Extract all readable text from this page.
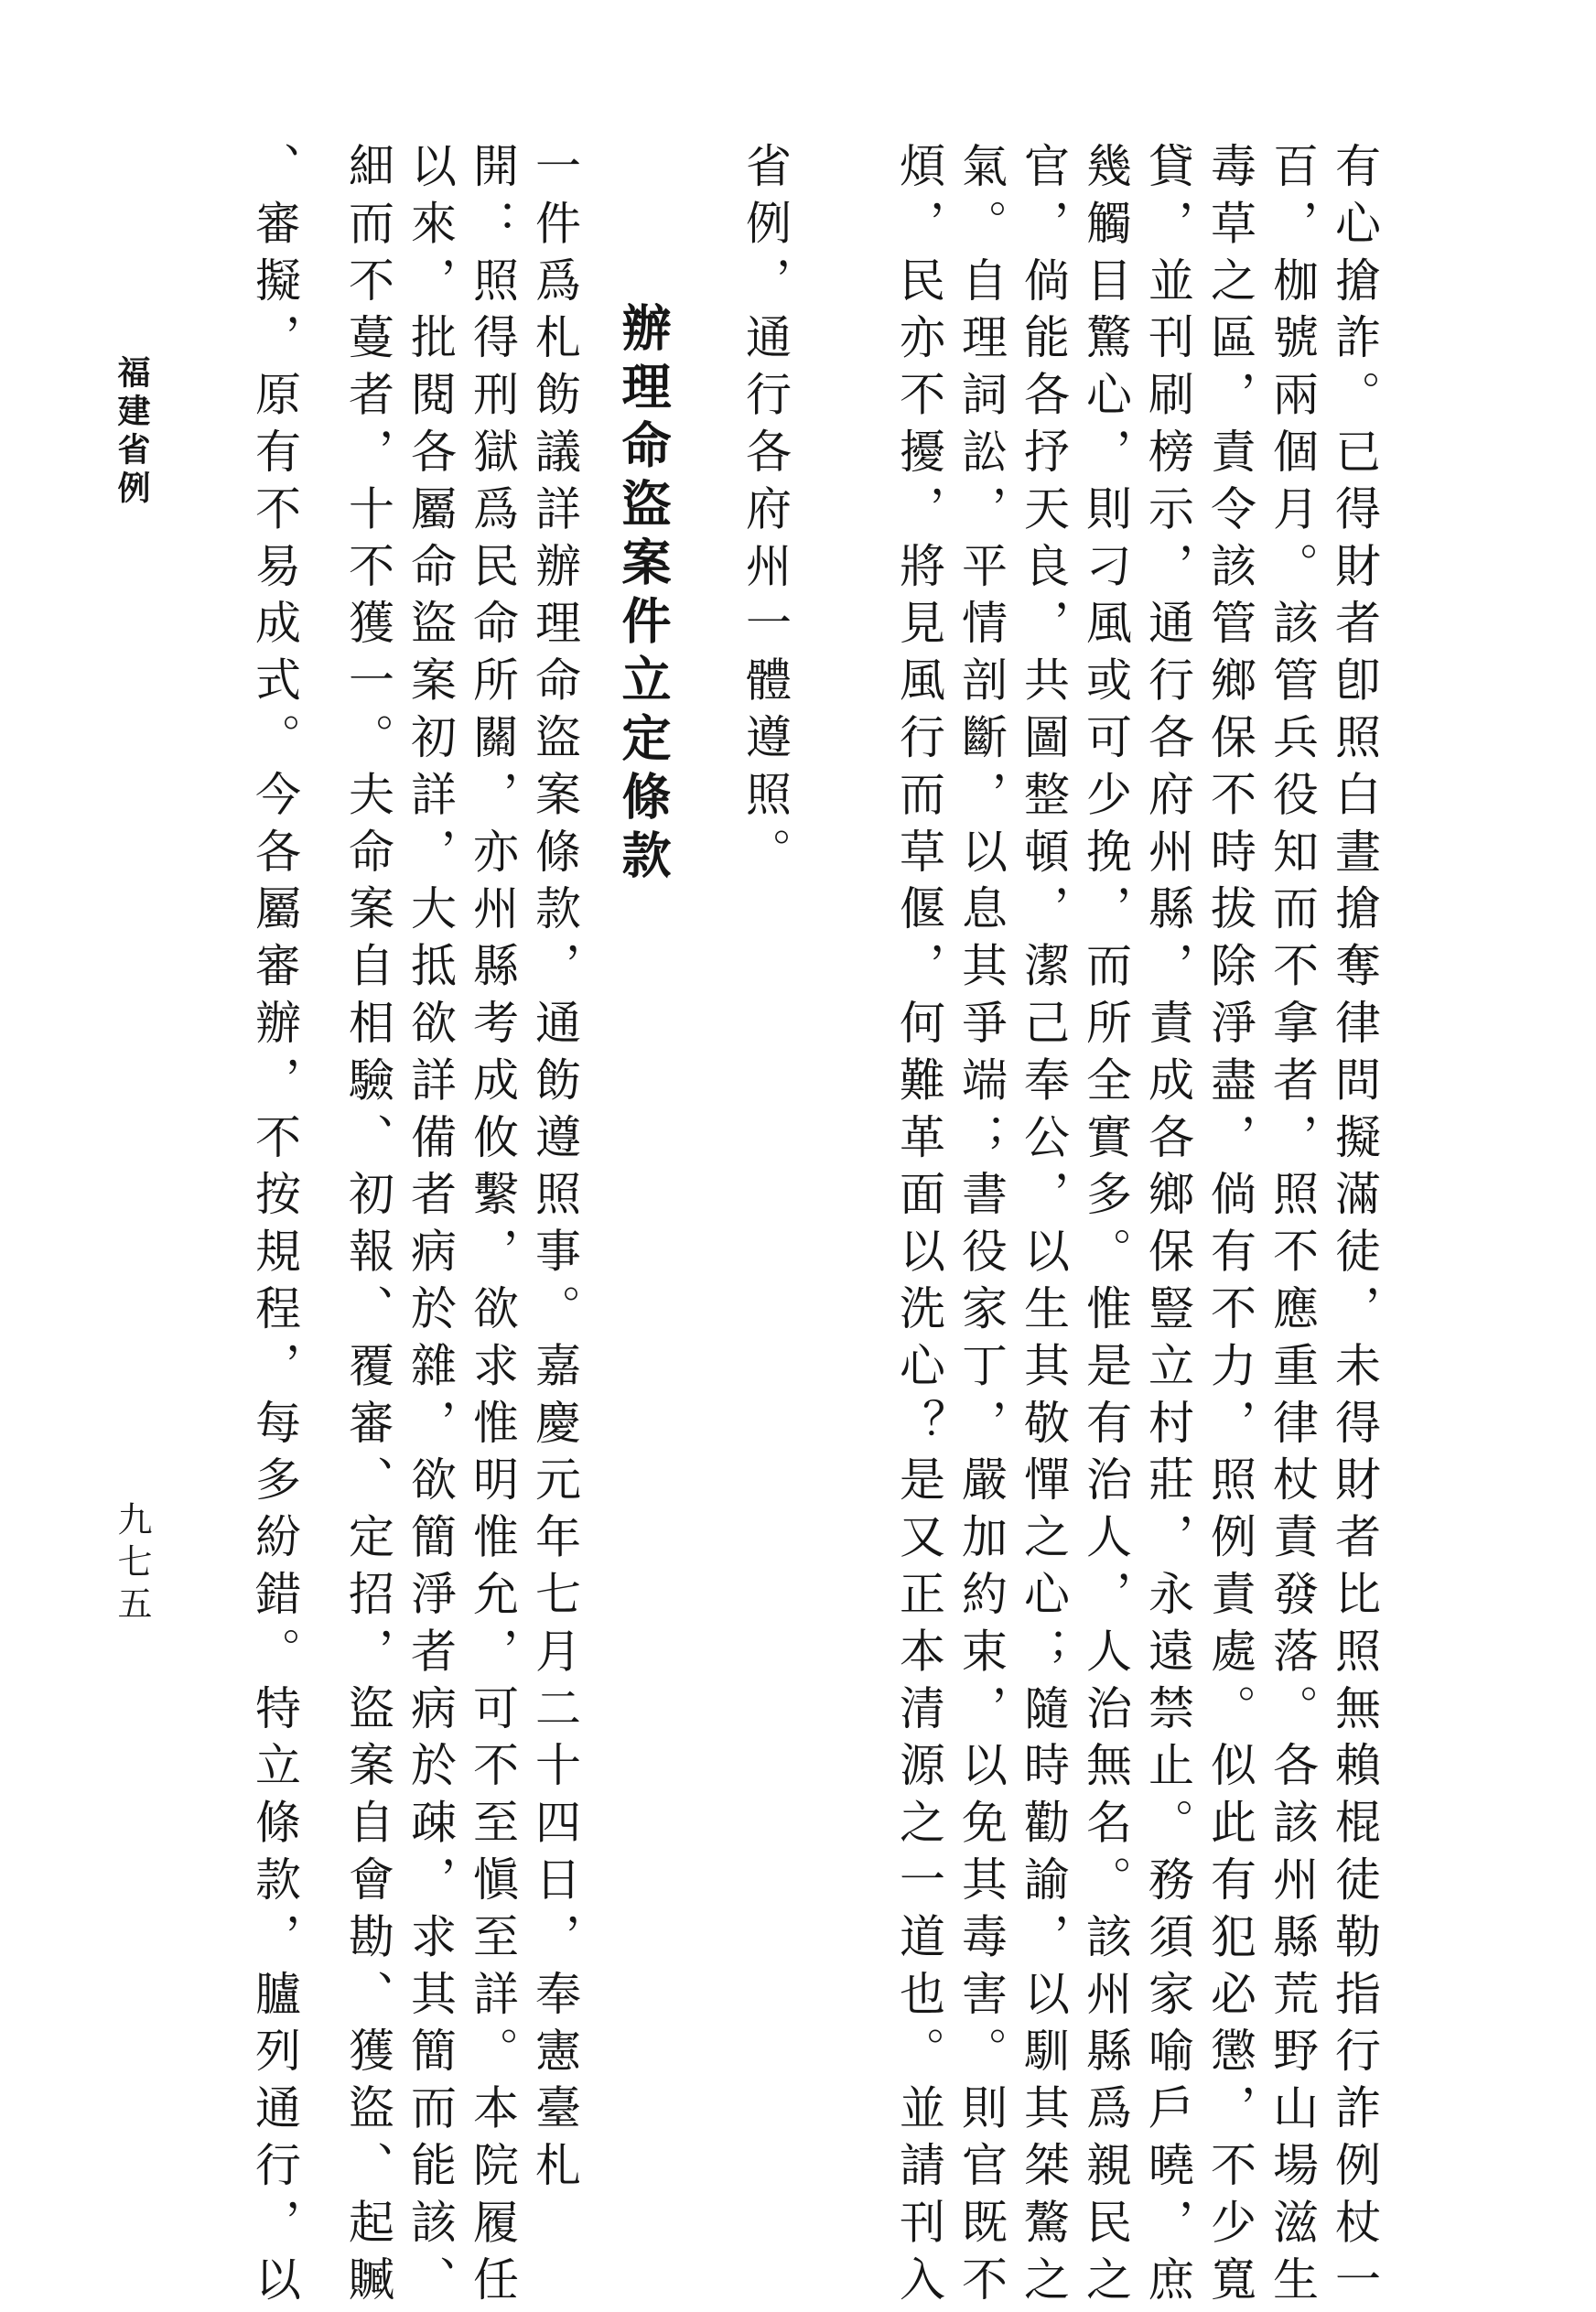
有心搶詐。已得財者卽照白晝搶奪律問擬滿徒，未得財者比照無賴棍徒勒指行詐例杖一
百，枷號兩個月。該管兵役知而不拿者，照不應重律杖責發落。各該州縣荒野山場滋生
毒草之區，責令該管鄉保不時拔除淨盡，倘有不力，照例責處。似此有犯必懲，不少寬
貸，並刊刷榜示，通行各府州縣，責成各鄉保豎立村莊，永遠禁止。務須家喻戶曉，庶
幾觸目驚心，則刁風或可少挽，而所全實多。惟是有治人，人治無名。該州縣爲親民之
官，倘能各抒天良，共圖整頓，潔己奉公，以生其敬憚之心；隨時勸諭，以馴其桀驁之
氣。自理詞訟，平情剖斷，以息其爭端；書役家丁，嚴加約束，以免其毒害。則官既不
煩，民亦不擾，將見風行而草偃，何難革面以洗心？是又正本清源之一道也。並請刊入
省例，通行各府州一體遵照。
辦理命盜案件立定條款
一件爲札飭議詳辦理命盜案條款，通飭遵照事。嘉慶元年七月二十四日，奉憲臺札
開：照得刑獄爲民命所關，亦州縣考成攸繫，欲求惟明惟允，可不至愼至詳。本院履任
以來，批閱各屬命盜案初詳，大抵欲詳備者病於雜，欲簡淨者病於疎，求其簡而能該、
細而不蔓者，十不獲一。夫命案自相驗、初報、覆審、定招，盜案自會勘、獲盜、起贓
、審擬，原有不易成式。今各屬審辦，不按規程，每多紛錯。特立條款，臚列通行，以
福建省例
九七五
